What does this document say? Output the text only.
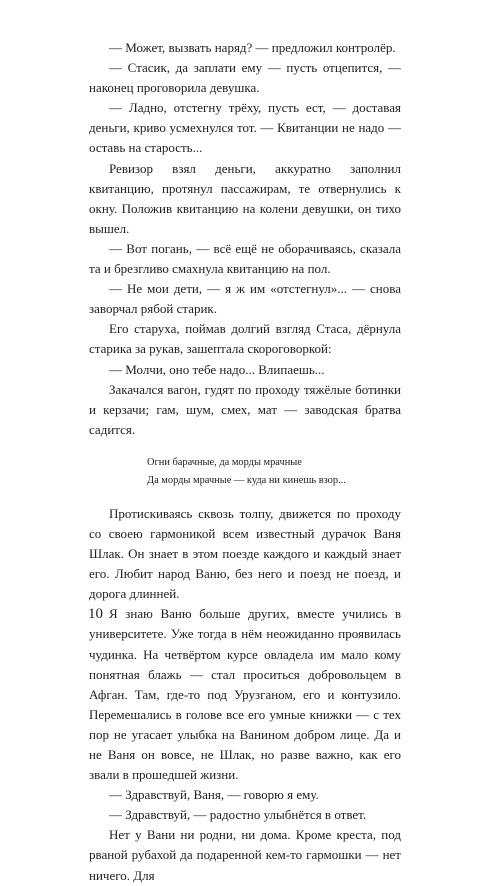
— Может, вызвать наряд? — предложил контролёр.

— Стасик, да заплати ему — пусть отцепится, — наконец проговорила девушка.

— Ладно, отстегну трёху, пусть ест, — доставая деньги, криво усмехнулся тот. — Квитанции не надо — оставь на старость...

Ревизор взял деньги, аккуратно заполнил квитанцию, протянул пассажирам, те отвернулись к окну. Положив квитанцию на колени девушки, он тихо вышел.

— Вот погань, — всё ещё не оборачиваясь, сказала та и брезгливо смахнула квитанцию на пол.

— Не мои дети, — я ж им «отстегнул»... — снова заворчал рябой старик.

Его старуха, поймав долгий взгляд Стаса, дёрнула старика за рукав, зашептала скороговоркой:

— Молчи, оно тебе надо... Влипаешь...

Закачался вагон, гудят по проходу тяжёлые ботинки и керзачи; гам, шум, смех, мат — заводская братва садится.

Огни барачные, да морды мрачные
Да морды мрачные — куда ни кинешь взор...

Протискиваясь сквозь толпу, движется по проходу со своею гармоникой всем известный дурачок Ваня Шлак. Он знает в этом поезде каждого и каждый знает его. Любит народ Ваню, без него и поезд не поезд, и дорога длинней.

Я знаю Ваню больше других, вместе учились в университете. Уже тогда в нём неожиданно проявилась чудинка. На четвёртом курсе овладела им мало кому понятная блажь — стал проситься добровольцем в Афган. Там, где-то под Урузганом, его и контузило. Перемешались в голове все его умные книжки — с тех пор не угасает улыбка на Ванином добром лице. Да и не Ваня он вовсе, не Шлак, но разве важно, как его звали в прошедшей жизни.

— Здравствуй, Ваня, — говорю я ему.

— Здравствуй, — радостно улыбнётся в ответ.

Нет у Вани ни родни, ни дома. Кроме креста, под рваной рубахой да подаренной кем-то гармошки — нет ничего. Для

10
